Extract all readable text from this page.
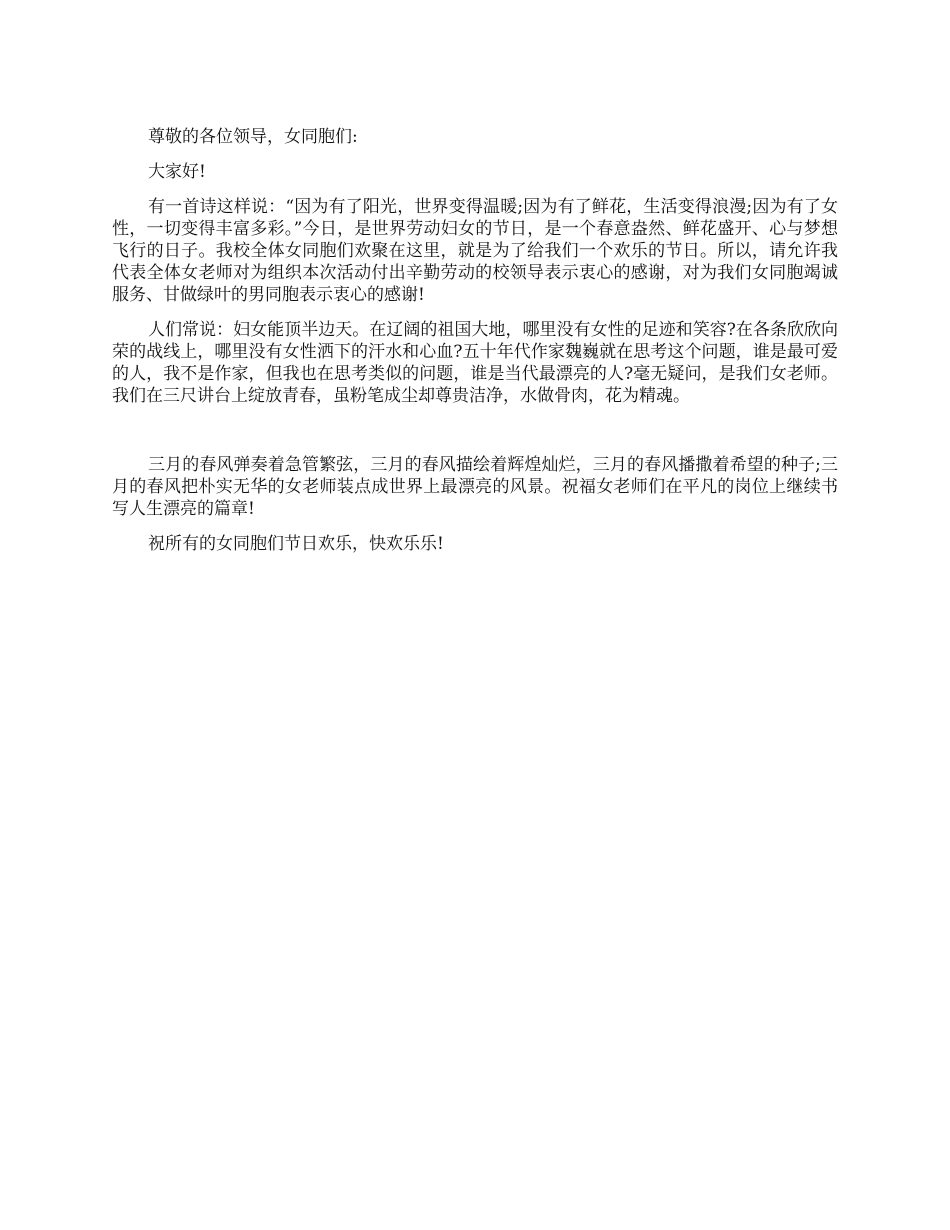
尊敬的各位领导，女同胞们:

大家好!

有一首诗这样说：“因为有了阳光，世界变得温暖;因为有了鲜花，生活变得浪漫;因为有了女性，一切变得丰富多彩。”今日，是世界劳动妇女的节日，是一个春意盎然、鲜花盛开、心与梦想飞行的日子。我校全体女同胞们欢聚在这里，就是为了给我们一个欢乐的节日。所以，请允许我代表全体女老师对为组织本次活动付出辛勤劳动的校领导表示衷心的感谢，对为我们女同胞竭诚服务、甘做绿叶的男同胞表示衷心的感谢!

人们常说：妇女能顶半边天。在辽阔的祖国大地，哪里没有女性的足迹和笑容?在各条欣欣向荣的战线上，哪里没有女性洒下的汗水和心血?五十年代作家魏巍就在思考这个问题，谁是最可爱的人，我不是作家，但我也在思考类似的问题，谁是当代最漂亮的人?毫无疑问，是我们女老师。我们在三尺讲台上绽放青春，虽粉笔成尘却尊贵洁净，水做骨肉，花为精魂。

三月的春风弹奏着急管繁弦，三月的春风描绘着辉煌灿烂，三月的春风播撒着希望的种子;三月的春风把朴实无华的女老师装点成世界上最漂亮的风景。祝福女老师们在平凡的岗位上继续书写人生漂亮的篇章!

祝所有的女同胞们节日欢乐，快欢乐乐!
